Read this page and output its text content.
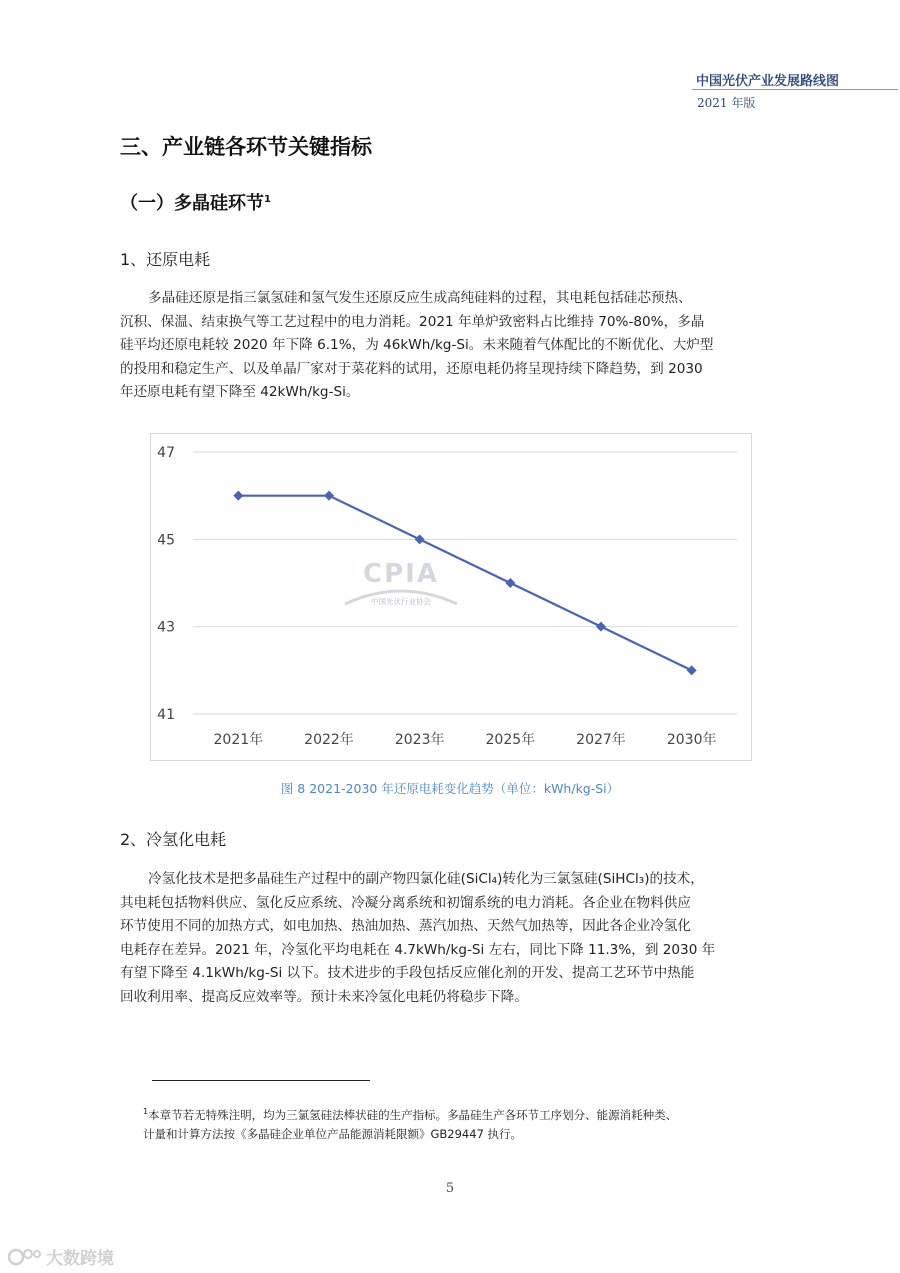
中国光伏产业发展路线图
2021 年版
三、产业链各环节关键指标
（一）多晶硅环节$^1$
1、还原电耗
多晶硅还原是指三氯氢硅和氢气发生还原反应生成高纯硅料的过程，其电耗包括硅芯预热、
沉积、保温、结束换气等工艺过程中的电力消耗。2021 年单炉致密料占比维持 70%-80%，多晶
硅平均还原电耗较 2020 年下降 6.1%，为 46kWh/kg-Si。未来随着气体配比的不断优化、大炉型
的投用和稳定生产、以及单晶厂家对于菜花料的试用，还原电耗仍将呈现持续下降趋势，到 2030
年还原电耗有望下降至 42kWh/kg-Si。
41
43
45
47
CPIA
中国光伏行业协会
2021年	2022年	2023年	2025年	2027年	2030年
图 8 2021-2030 年还原电耗变化趋势（单位：kWh/kg-Si）
2、冷氢化电耗
冷氢化技术是把多晶硅生产过程中的副产物四氯化硅(SiCl₄)转化为三氯氢硅(SiHCl₃)的技术，
其电耗包括物料供应、氢化反应系统、冷凝分离系统和初馏系统的电力消耗。各企业在物料供应
环节使用不同的加热方式，如电加热、热油加热、蒸汽加热、天然气加热等，因此各企业冷氢化
电耗存在差异。2021 年，冷氢化平均电耗在 4.7kWh/kg-Si 左右，同比下降 11.3%，到 2030 年
有望下降至 4.1kWh/kg-Si 以下。技术进步的手段包括反应催化剂的开发、提高工艺环节中热能
回收利用率、提高反应效率等。预计未来冷氢化电耗仍将稳步下降。
$^1$本章节若无特殊注明，均为三氯氢硅法棒状硅的生产指标。多晶硅生产各环节工序划分、能源消耗种类、
计量和计算方法按《多晶硅企业单位产品能源消耗限额》GB29447 执行。
5
大数跨境
